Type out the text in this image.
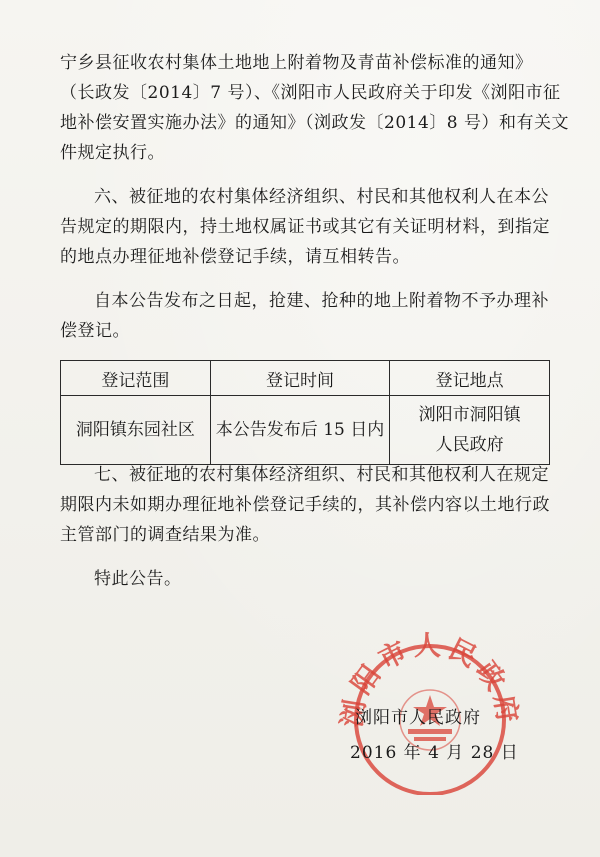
宁乡县征收农村集体土地地上附着物及青苗补偿标准的通知》
（长政发〔2014〕7 号）、《浏阳市人民政府关于印发《浏阳市征
地补偿安置实施办法》的通知》（浏政发〔2014〕8 号）和有关文
件规定执行。
六、被征地的农村集体经济组织、村民和其他权利人在本公
告规定的期限内，持土地权属证书或其它有关证明材料，到指定
的地点办理征地补偿登记手续，请互相转告。
自本公告发布之日起，抢建、抢种的地上附着物不予办理补
偿登记。
登记范围	登记时间	登记地点
洞阳镇东园社区	本公告发布后 15 日内	浏阳市洞阳镇
人民政府
七、被征地的农村集体经济组织、村民和其他权利人在规定
期限内未如期办理征地补偿登记手续的，其补偿内容以土地行政
主管部门的调查结果为准。
特此公告。
浏阳市人民政府
浏阳市人民政府
2016 年 4 月 28 日
